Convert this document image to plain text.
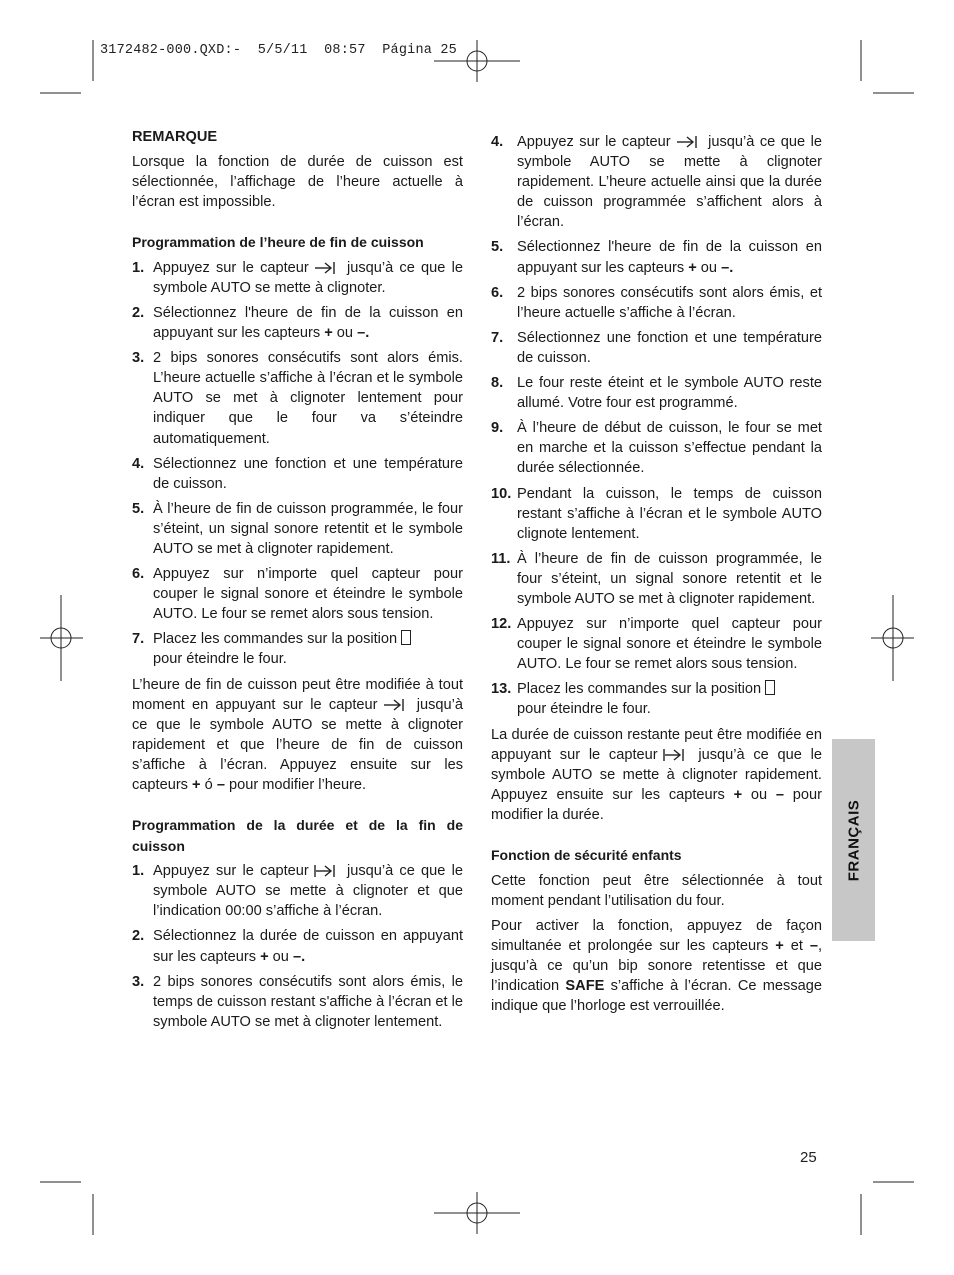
3172482-000.QXD:-  5/5/11  08:57  Página 25

REMARQUE

Lorsque la fonction de durée de cuisson est sélectionnée, l’affichage de l’heure actuelle à l’écran est impossible.

Programmation de l’heure de fin de cuisson

1. Appuyez sur le capteur	jusqu’à ce que le symbole AUTO se mette à clignoter.
2. Sélectionnez l'heure de fin de la cuisson en appuyant sur les capteurs + ou –.
3. 2 bips sonores consécutifs sont alors émis. L’heure actuelle s’affiche à l’écran et le symbole AUTO se met à clignoter lentement pour indiquer que le four va s’éteindre automatiquement.
4. Sélectionnez une fonction et une température de cuisson.
5. À l’heure de fin de cuisson programmée, le four s’éteint, un signal sonore retentit et le symbole AUTO se met à clignoter rapidement.
6. Appuyez sur n’importe quel capteur pour couper le signal sonore et éteindre le symbole AUTO. Le four se remet alors sous tension.
7. Placez les commandes sur la position
pour éteindre le four.

L’heure de fin de cuisson peut être modifiée à tout moment en appuyant sur le capteur	jusqu’à ce que le symbole AUTO se mette à clignoter rapidement et que l’heure de fin de cuisson s’affiche à l’écran. Appuyez ensuite sur les capteurs + ó – pour modifier l’heure.

Programmation de la durée et de la fin de cuisson

1. Appuyez sur le capteur	jusqu’à ce que le symbole AUTO se mette à clignoter et que l’indication 00:00 s’affiche à l’écran.
2. Sélectionnez la durée de cuisson en appuyant sur les capteurs + ou –.
3. 2 bips sonores consécutifs sont alors émis, le temps de cuisson restant s'affiche à l’écran et le symbole AUTO se met à clignoter lentement.
4. Appuyez sur le capteur	jusqu’à ce que le symbole AUTO se mette à clignoter rapidement. L’heure actuelle ainsi que la durée de cuisson programmée s’affichent alors à l’écran.
5. Sélectionnez l'heure de fin de la cuisson en appuyant sur les capteurs + ou –.
6. 2 bips sonores consécutifs sont alors émis, et l’heure actuelle s’affiche à l’écran.
7. Sélectionnez une fonction et une température de cuisson.
8. Le four reste éteint et le symbole AUTO reste allumé. Votre four est programmé.
9. À l’heure de début de cuisson, le four se met en marche et la cuisson s’effectue pendant la durée sélectionnée.
10. Pendant la cuisson, le temps de cuisson restant s’affiche à l’écran et le symbole AUTO clignote lentement.
11. À l’heure de fin de cuisson programmée, le four s’éteint, un signal sonore retentit et le symbole AUTO se met à clignoter rapidement.
12. Appuyez sur n’importe quel capteur pour couper le signal sonore et éteindre le symbole AUTO. Le four se remet alors sous tension.
13. Placez les commandes sur la position
pour éteindre le four.

La durée de cuisson restante peut être modifiée en appuyant sur le capteur	jusqu’à ce que le symbole AUTO se mette à clignoter rapidement. Appuyez ensuite sur les capteurs + ou – pour modifier la durée.

Fonction de sécurité enfants

Cette fonction peut être sélectionnée à tout moment pendant l’utilisation du four.

Pour activer la fonction, appuyez de façon simultanée et prolongée sur les capteurs + et –, jusqu’à ce qu’un bip sonore retentisse et que l’indication SAFE s’affiche à l’écran. Ce message indique que l’horloge est verrouillée.

FRANÇAIS
25
